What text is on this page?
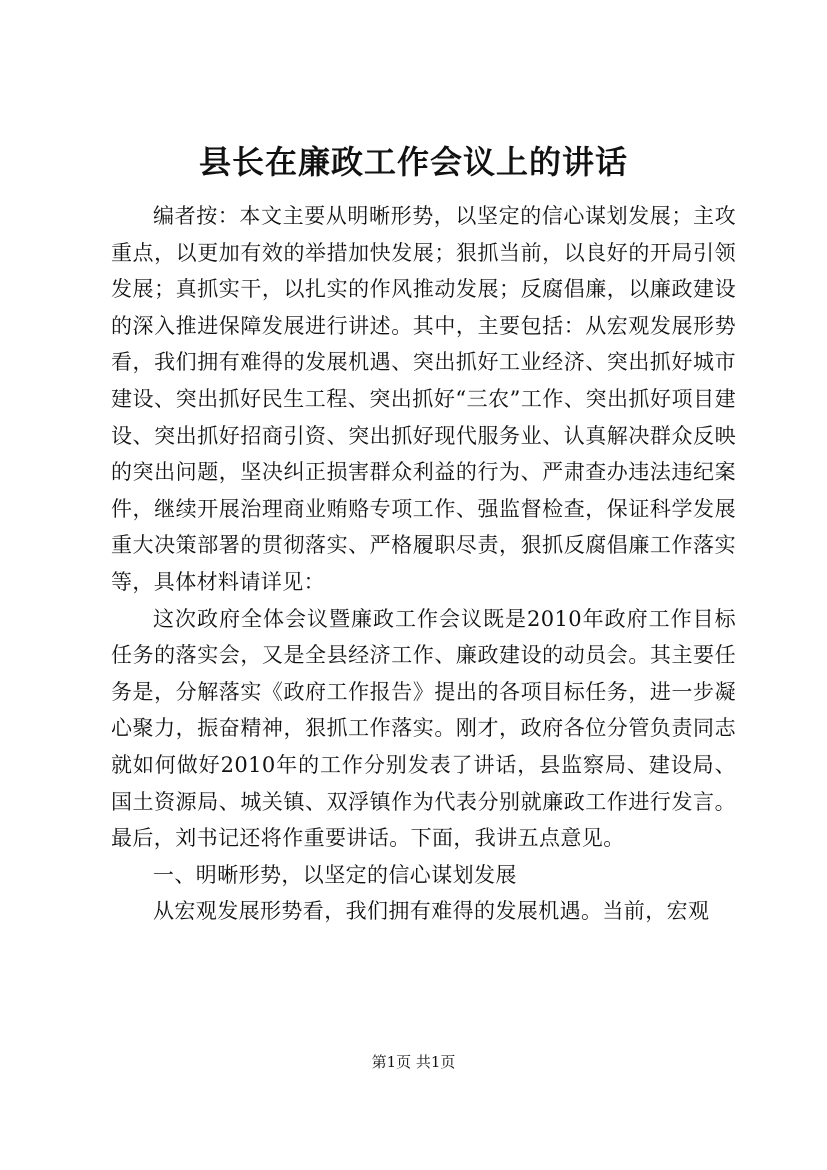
县长在廉政工作会议上的讲话

编者按：本文主要从明晰形势，以坚定的信心谋划发展；主攻重点，以更加有效的举措加快发展；狠抓当前，以良好的开局引领发展；真抓实干，以扎实的作风推动发展；反腐倡廉，以廉政建设的深入推进保障发展进行讲述。其中，主要包括：从宏观发展形势看，我们拥有难得的发展机遇、突出抓好工业经济、突出抓好城市建设、突出抓好民生工程、突出抓好“三农”工作、突出抓好项目建设、突出抓好招商引资、突出抓好现代服务业、认真解决群众反映的突出问题，坚决纠正损害群众利益的行为、严肃查办违法违纪案件，继续开展治理商业贿赂专项工作、强监督检查，保证科学发展重大决策部署的贯彻落实、严格履职尽责，狠抓反腐倡廉工作落实等，具体材料请详见：

这次政府全体会议暨廉政工作会议既是2010年政府工作目标任务的落实会，又是全县经济工作、廉政建设的动员会。其主要任务是，分解落实《政府工作报告》提出的各项目标任务，进一步凝心聚力，振奋精神，狠抓工作落实。刚才，政府各位分管负责同志就如何做好2010年的工作分别发表了讲话，县监察局、建设局、国土资源局、城关镇、双浮镇作为代表分别就廉政工作进行发言。最后，刘书记还将作重要讲话。下面，我讲五点意见。

一、明晰形势，以坚定的信心谋划发展

从宏观发展形势看，我们拥有难得的发展机遇。当前，宏观

第1页 共1页
